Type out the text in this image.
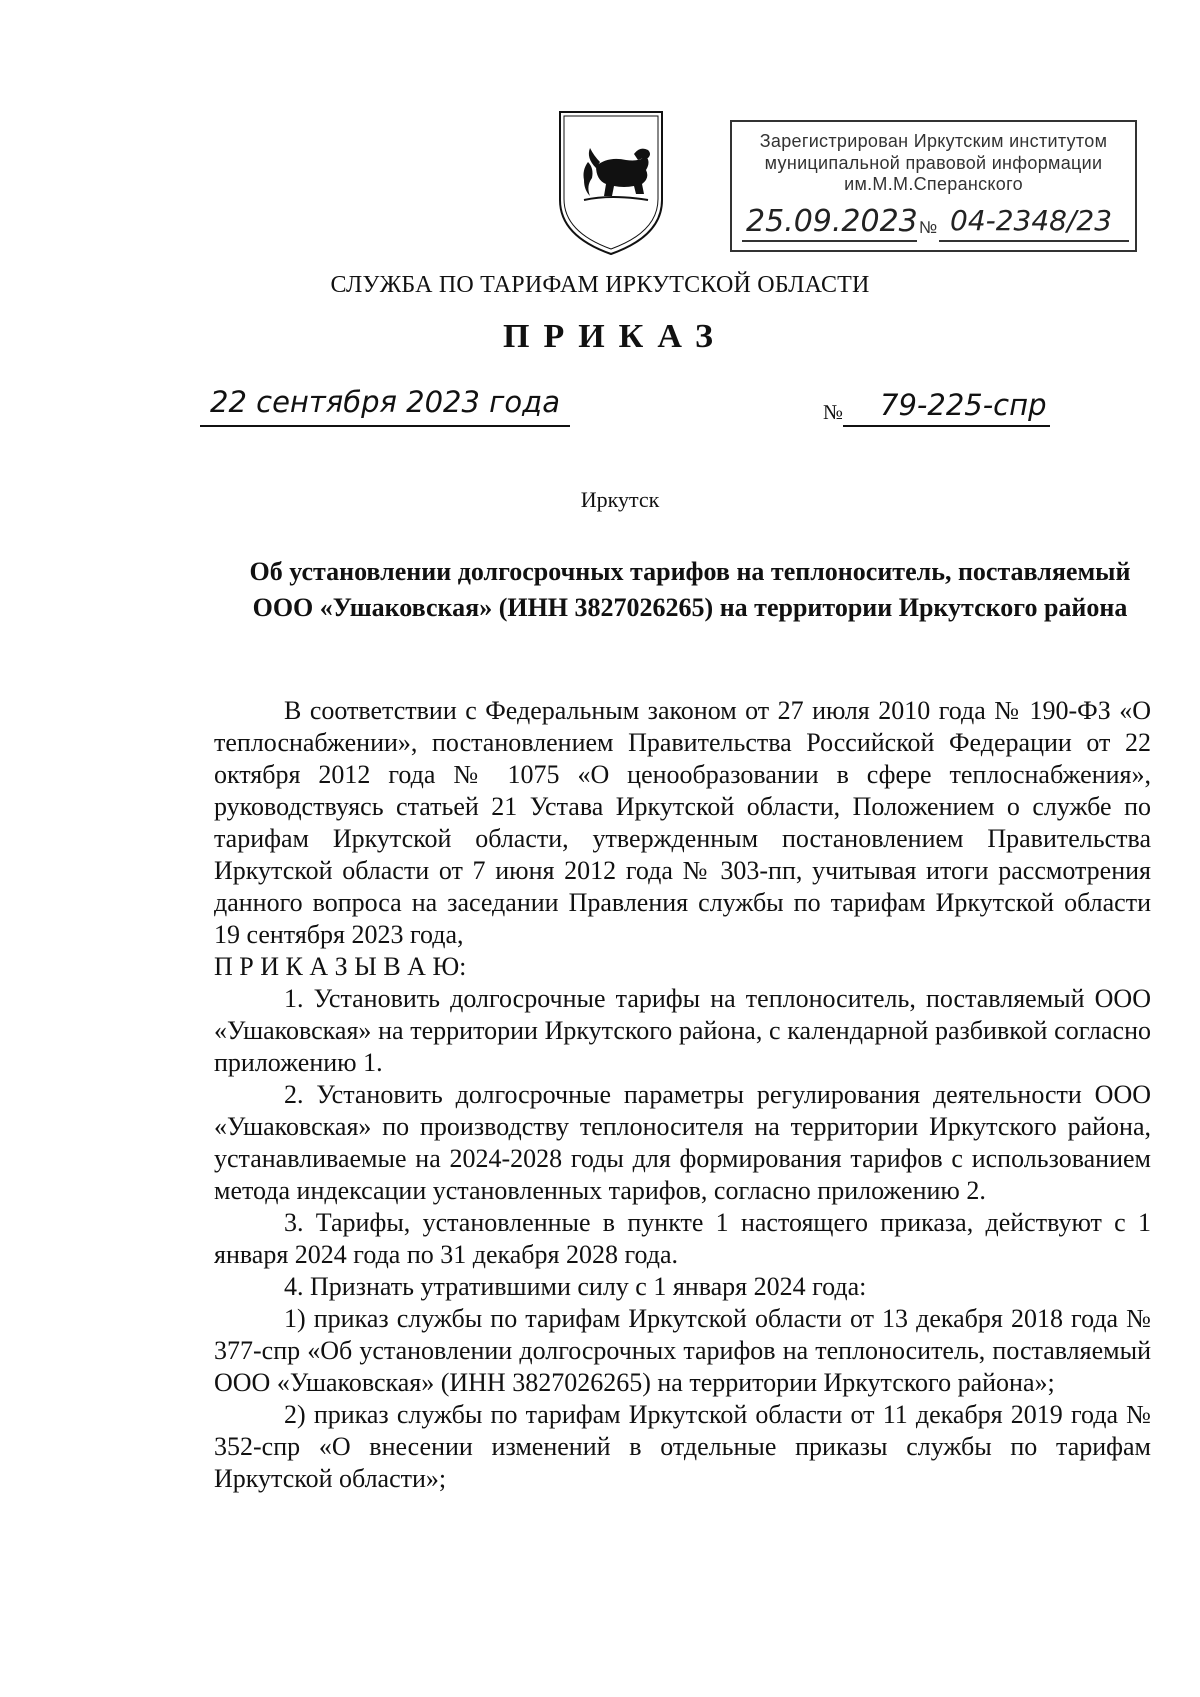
Зарегистрирован Иркутским институтом
муниципальной правовой информации
им.М.М.Сперанского
25.09.2023 № 04-2348/23
СЛУЖБА ПО ТАРИФАМ ИРКУТСКОЙ ОБЛАСТИ
ПРИКАЗ
22 сентября 2023 года	№ 79-225-спр
Иркутск
Об установлении долгосрочных тарифов на теплоноситель, поставляемый ООО «Ушаковская» (ИНН 3827026265) на территории Иркутского района

В соответствии с Федеральным законом от 27 июля 2010 года № 190-ФЗ «О теплоснабжении», постановлением Правительства Российской Федерации от 22 октября 2012 года № 1075 «О ценообразовании в сфере теплоснабжения», руководствуясь статьей 21 Устава Иркутской области, Положением о службе по тарифам Иркутской области, утвержденным постановлением Правительства Иркутской области от 7 июня 2012 года № 303-пп, учитывая итоги рассмотрения данного вопроса на заседании Правления службы по тарифам Иркутской области 19 сентября 2023 года,

П Р И К А З Ы В А Ю:

1. Установить долгосрочные тарифы на теплоноситель, поставляемый ООО «Ушаковская» на территории Иркутского района, с календарной разбивкой согласно приложению 1.

2. Установить долгосрочные параметры регулирования деятельности ООО «Ушаковская» по производству теплоносителя на территории Иркутского района, устанавливаемые на 2024-2028 годы для формирования тарифов с использованием метода индексации установленных тарифов, согласно приложению 2.

3. Тарифы, установленные в пункте 1 настоящего приказа, действуют с 1 января 2024 года по 31 декабря 2028 года.

4. Признать утратившими силу с 1 января 2024 года:

1) приказ службы по тарифам Иркутской области от 13 декабря 2018 года № 377-спр «Об установлении долгосрочных тарифов на теплоноситель, поставляемый ООО «Ушаковская» (ИНН 3827026265) на территории Иркутского района»;

2) приказ службы по тарифам Иркутской области от 11 декабря 2019 года № 352-спр «О внесении изменений в отдельные приказы службы по тарифам Иркутской области»;
